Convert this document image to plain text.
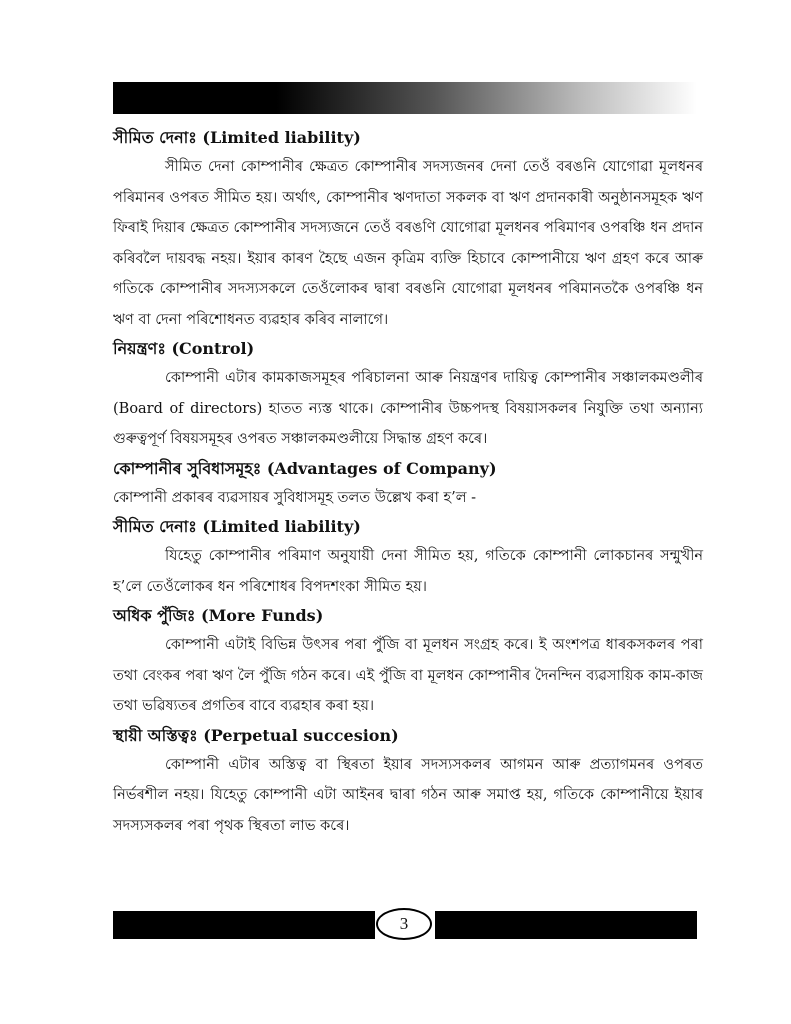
সীমিত দেনাঃ (Limited liability)

সীমিত দেনা কোম্পানীৰ ক্ষেত্ৰত কোম্পানীৰ সদস্যজনৰ দেনা তেওঁ বৰঙনি যোগোৱা মূলধনৰ পৰিমানৰ ওপৰত সীমিত হয়। অৰ্থাৎ, কোম্পানীৰ ঋণদাতা সকলক বা ঋণ প্ৰদানকাৰী অনুষ্ঠানসমূহক ঋণ ফিৰাই দিয়াৰ ক্ষেত্ৰত কোম্পানীৰ সদস্যজনে তেওঁ বৰঙণি যোগোৱা মূলধনৰ পৰিমাণৰ ওপৰঞ্চি ধন প্ৰদান কৰিবলৈ দায়বদ্ধ নহয়। ইয়াৰ কাৰণ হৈছে এজন কৃত্ৰিম ব্যক্তি হিচাবে কোম্পানীয়ে ঋণ গ্ৰহণ কৰে আৰু গতিকে কোম্পানীৰ সদস্যসকলে তেওঁলোকৰ দ্বাৰা বৰঙনি যোগোৱা মূলধনৰ পৰিমানতকৈ ওপৰঞ্চি ধন ঋণ বা দেনা পৰিশোধনত ব্যৱহাৰ কৰিব নালাগে।

নিয়ন্ত্ৰণঃ (Control)

কোম্পানী এটাৰ কামকাজসমূহৰ পৰিচালনা আৰু নিয়ন্ত্ৰণৰ দায়িত্ব কোম্পানীৰ সঞ্চালকমণ্ডলীৰ (Board of directors) হাতত ন্যস্ত থাকে। কোম্পানীৰ উচ্চপদস্থ বিষয়াসকলৰ নিযুক্তি তথা অন্যান্য গুৰুত্বপূৰ্ণ বিষয়সমূহৰ ওপৰত সঞ্চালকমণ্ডলীয়ে সিদ্ধান্ত গ্ৰহণ কৰে।

কোম্পানীৰ সুবিধাসমূহঃ (Advantages of Company)

কোম্পানী প্ৰকাৰৰ ব্যৱসায়ৰ সুবিধাসমূহ তলত উল্লেখ কৰা হ’ল -

সীমিত দেনাঃ (Limited liability)

যিহেতু কোম্পানীৰ পৰিমাণ অনুযায়ী দেনা সীমিত হয়, গতিকে কোম্পানী লোকচানৰ সন্মুখীন হ’লে তেওঁলোকৰ ধন পৰিশোধৰ বিপদশংকা সীমিত হয়।

অধিক পুঁজিঃ (More Funds)

কোম্পানী এটাই বিভিন্ন উৎসৰ পৰা পুঁজি বা মূলধন সংগ্ৰহ কৰে। ই অংশপত্ৰ ধাৰকসকলৰ পৰা তথা বেংকৰ পৰা ঋণ লৈ পুঁজি গঠন কৰে। এই পুঁজি বা মূলধন কোম্পানীৰ দৈনন্দিন ব্যৱসায়িক কাম-কাজ তথা ভৱিষ্যতৰ প্ৰগতিৰ বাবে ব্যৱহাৰ কৰা হয়।

স্থায়ী অস্তিত্বঃ (Perpetual succesion)

কোম্পানী এটাৰ অস্তিত্ব বা স্থিৰতা ইয়াৰ সদস্যসকলৰ আগমন আৰু প্ৰত্যাগমনৰ ওপৰত নিৰ্ভৰশীল নহয়। যিহেতু কোম্পানী এটা আইনৰ দ্বাৰা গঠন আৰু সমাপ্ত হয়, গতিকে কোম্পানীয়ে ইয়াৰ সদস্যসকলৰ পৰা পৃথক স্থিৰতা লাভ কৰে।

3
